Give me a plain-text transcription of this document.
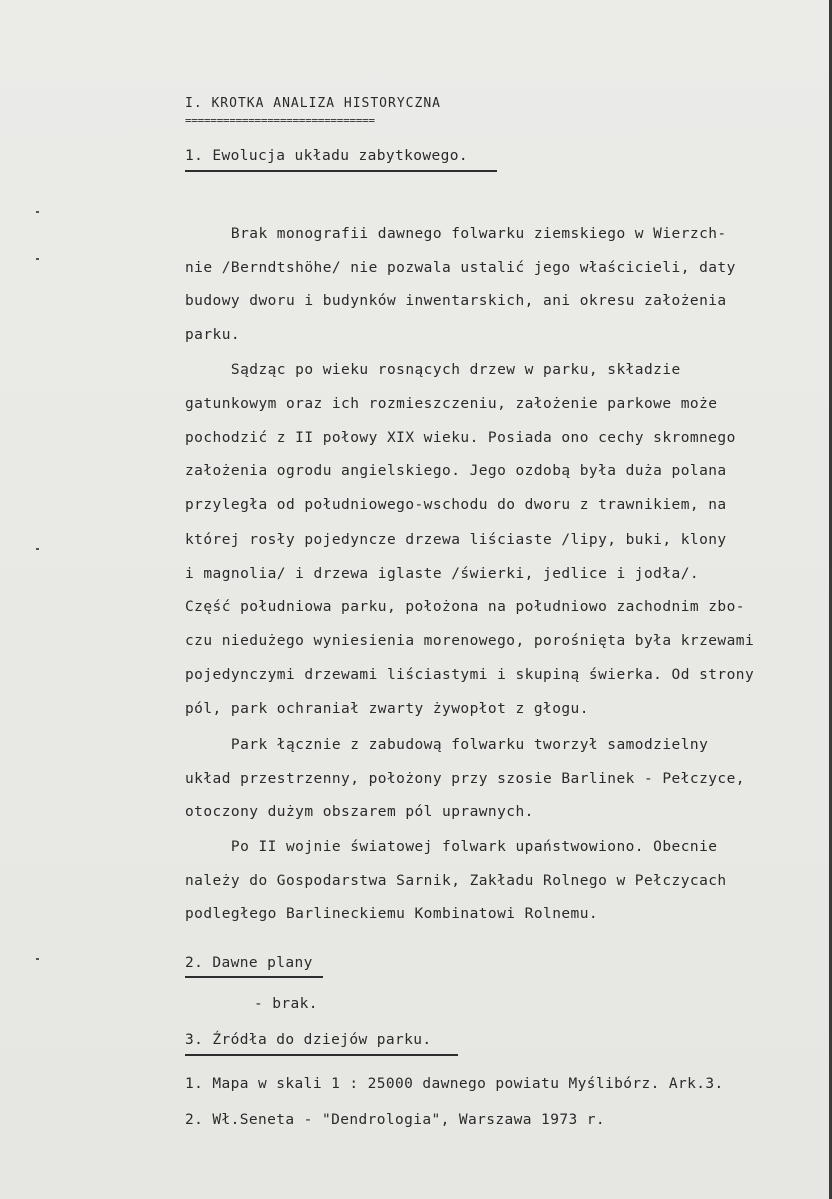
I. KROTKA ANALIZA HISTORYCZNA
==============================
1. Ewolucja układu zabytkowego.
Brak monografii dawnego folwarku ziemskiego w Wierzch-
nie /Berndtshöhe/ nie pozwala ustalić jego właścicieli, daty
budowy dworu i budynków inwentarskich, ani okresu założenia
parku.
Sądząc po wieku rosnących drzew w parku, składzie
gatunkowym oraz ich rozmieszczeniu, założenie parkowe może
pochodzić z II połowy XIX wieku. Posiada ono cechy skromnego
założenia ogrodu angielskiego. Jego ozdobą była duża polana
przyległa od południowego-wschodu do dworu z trawnikiem, na
której rosły pojedyncze drzewa liściaste /lipy, buki, klony
i magnolia/ i drzewa iglaste /świerki, jedlice i jodła/.
Część południowa parku, położona na południowo zachodnim zbo-
czu niedużego wyniesienia morenowego, porośnięta była krzewami
pojedynczymi drzewami liściastymi i skupiną świerka. Od strony
pól, park ochraniał zwarty żywopłot z głogu.
Park łącznie z zabudową folwarku tworzył samodzielny
układ przestrzenny, położony przy szosie Barlinek - Pełczyce,
otoczony dużym obszarem pól uprawnych.
Po II wojnie światowej folwark upaństwowiono. Obecnie
należy do Gospodarstwa Sarnik, Zakładu Rolnego w Pełczycach
podległego Barlineckiemu Kombinatowi Rolnemu.
2. Dawne plany
- brak.
3. Źródła do dziejów parku.
1. Mapa w skali 1 : 25000 dawnego powiatu Myślibórz. Ark.3.
2. Wł.Seneta - "Dendrologia", Warszawa 1973 r.
